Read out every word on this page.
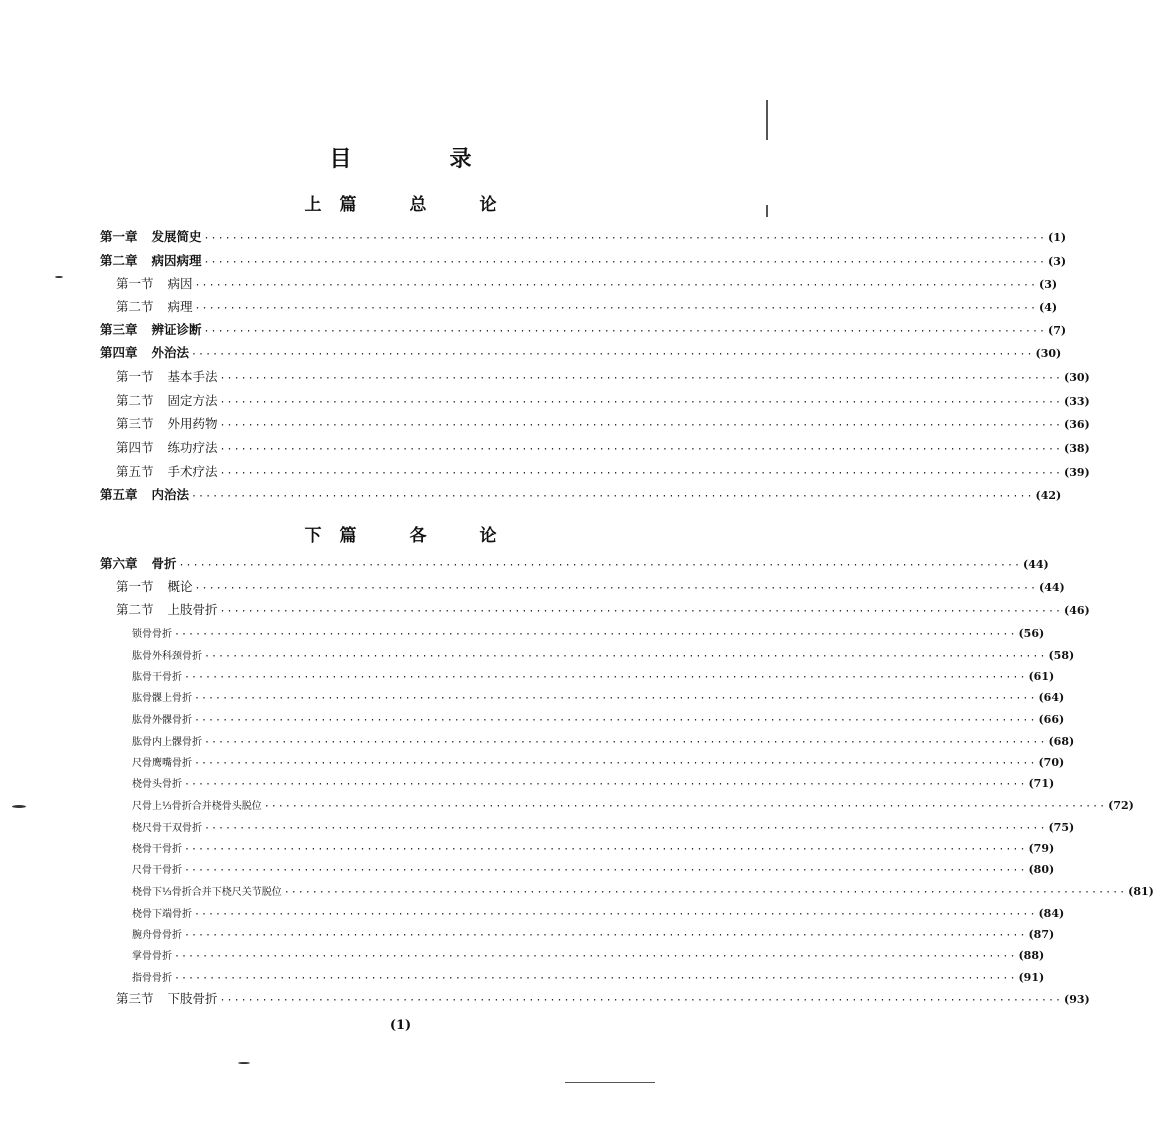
目　录
上篇　总　论
下篇　各　论
第一章 发展简史 ························································································································ (1)
第二章 病因病理 ························································································································ (3)
第一节 病因 ························································································································ (3)
第二节 病理 ························································································································ (4)
第三章 辨证诊断 ························································································································ (7)
第四章 外治法 ························································································································ (30)
第一节 基本手法 ························································································································ (30)
第二节 固定方法 ························································································································ (33)
第三节 外用药物 ························································································································ (36)
第四节 练功疗法 ························································································································ (38)
第五节 手术疗法 ························································································································ (39)
第五章 内治法 ························································································································ (42)
第六章 骨折 ························································································································ (44)
第一节 概论 ························································································································ (44)
第二节 上肢骨折 ························································································································ (46)
锁骨骨折 ························································································································ (56)
肱骨外科颈骨折 ························································································································ (58)
肱骨干骨折 ························································································································ (61)
肱骨髁上骨折 ························································································································ (64)
肱骨外髁骨折 ························································································································ (66)
肱骨内上髁骨折 ························································································································ (68)
尺骨鹰嘴骨折 ························································································································ (70)
桡骨头骨折 ························································································································ (71)
尺骨上⅓骨折合并桡骨头脱位 ························································································································ (72)
桡尺骨干双骨折 ························································································································ (75)
桡骨干骨折 ························································································································ (79)
尺骨干骨折 ························································································································ (80)
桡骨下⅓骨折合并下桡尺关节脱位 ························································································································ (81)
桡骨下端骨折 ························································································································ (84)
腕舟骨骨折 ························································································································ (87)
掌骨骨折 ························································································································ (88)
指骨骨折 ························································································································ (91)
第三节 下肢骨折 ························································································································ (93)
(1)
